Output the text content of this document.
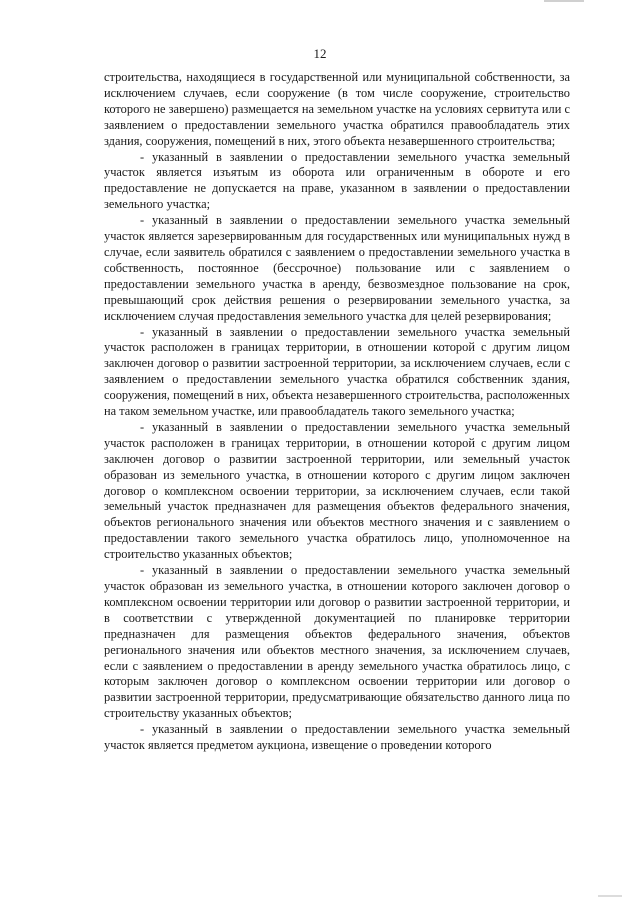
12

строительства, находящиеся в государственной или муниципальной собственности, за исключением случаев, если сооружение (в том числе сооружение, строительство которого не завершено) размещается на земельном участке на условиях сервитута или с заявлением о предоставлении земельного участка обратился правообладатель этих здания, сооружения, помещений в них, этого объекта незавершенного строительства;

- указанный в заявлении о предоставлении земельного участка земельный участок является изъятым из оборота или ограниченным в обороте и его предоставление не допускается на праве, указанном в заявлении о предоставлении земельного участка;

- указанный в заявлении о предоставлении земельного участка земельный участок является зарезервированным для государственных или муниципальных нужд в случае, если заявитель обратился с заявлением о предоставлении земельного участка в собственность, постоянное (бессрочное) пользование или с заявлением о предоставлении земельного участка в аренду, безвозмездное пользование на срок, превышающий срок действия решения о резервировании земельного участка, за исключением случая предоставления земельного участка для целей резервирования;

- указанный в заявлении о предоставлении земельного участка земельный участок расположен в границах территории, в отношении которой с другим лицом заключен договор о развитии застроенной территории, за исключением случаев, если с заявлением о предоставлении земельного участка обратился собственник здания, сооружения, помещений в них, объекта незавершенного строительства, расположенных на таком земельном участке, или правообладатель такого земельного участка;

- указанный в заявлении о предоставлении земельного участка земельный участок расположен в границах территории, в отношении которой с другим лицом заключен договор о развитии застроенной территории, или земельный участок образован из земельного участка, в отношении которого с другим лицом заключен договор о комплексном освоении территории, за исключением случаев, если такой земельный участок предназначен для размещения объектов федерального значения, объектов регионального значения или объектов местного значения и с заявлением о предоставлении такого земельного участка обратилось лицо, уполномоченное на строительство указанных объектов;

- указанный в заявлении о предоставлении земельного участка земельный участок образован из земельного участка, в отношении которого заключен договор о комплексном освоении территории или договор о развитии застроенной территории, и в соответствии с утвержденной документацией по планировке территории предназначен для размещения объектов федерального значения, объектов регионального значения или объектов местного значения, за исключением случаев, если с заявлением о предоставлении в аренду земельного участка обратилось лицо, с которым заключен договор о комплексном освоении территории или договор о развитии застроенной территории, предусматривающие обязательство данного лица по строительству указанных объектов;

- указанный в заявлении о предоставлении земельного участка земельный участок является предметом аукциона, извещение о проведении которого
